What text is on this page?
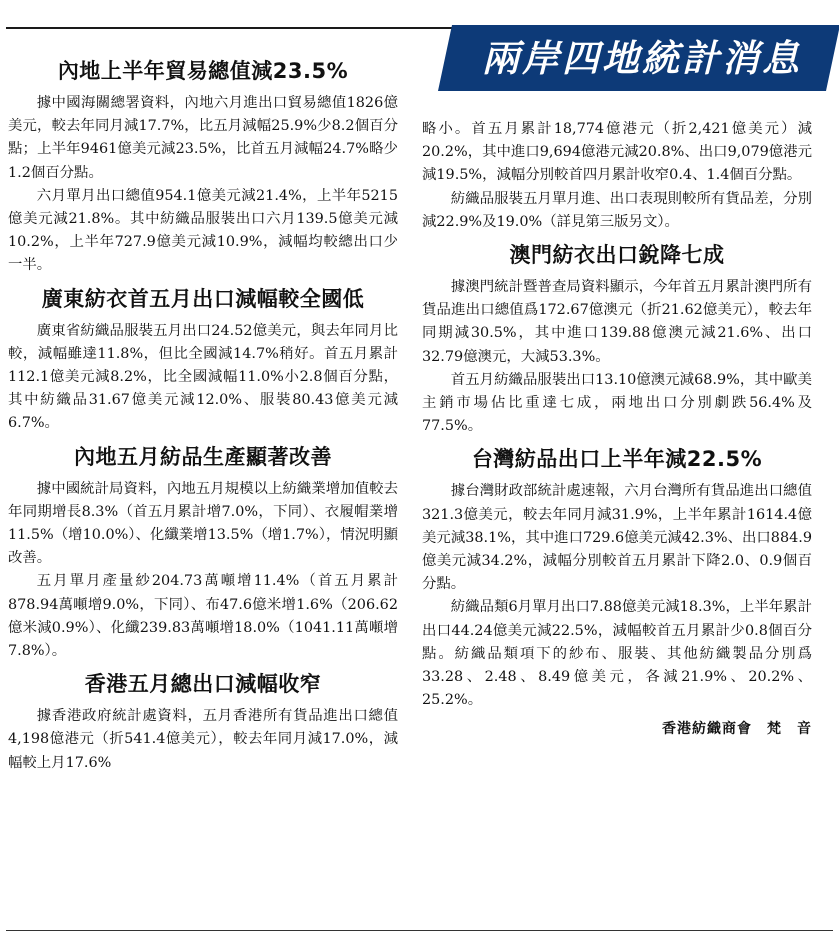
兩岸四地統計消息
內地上半年貿易總值減23.5%

據中國海關總署資料，內地六月進出口貿易總值1826億美元，較去年同月減17.7%，比五月減幅25.9%少8.2個百分點；上半年9461億美元減23.5%，比首五月減幅24.7%略少1.2個百分點。

六月單月出口總值954.1億美元減21.4%，上半年5215億美元減21.8%。其中紡織品服裝出口六月139.5億美元減10.2%，上半年727.9億美元減10.9%，減幅均較總出口少一半。

廣東紡衣首五月出口減幅較全國低

廣東省紡織品服裝五月出口24.52億美元，與去年同月比較，減幅雖達11.8%，但比全國減14.7%稍好。首五月累計112.1億美元減8.2%，比全國減幅11.0%小2.8個百分點，其中紡織品31.67億美元減12.0%、服裝80.43億美元減6.7%。

內地五月紡品生產顯著改善

據中國統計局資料，內地五月規模以上紡織業增加值較去年同期增長8.3%（首五月累計增7.0%，下同）、衣履帽業增11.5%（增10.0%）、化纖業增13.5%（增1.7%），情況明顯改善。

五月單月產量紗204.73萬噸增11.4%（首五月累計878.94萬噸增9.0%，下同）、布47.6億米增1.6%（206.62億米減0.9%）、化纖239.83萬噸增18.0%（1041.11萬噸增7.8%）。

香港五月總出口減幅收窄

據香港政府統計處資料，五月香港所有貨品進出口總值4,198億港元（折541.4億美元），較去年同月減17.0%，減幅較上月17.6%

略小。首五月累計18,774億港元（折2,421億美元）減20.2%，其中進口9,694億港元減20.8%、出口9,079億港元減19.5%，減幅分別較首四月累計收窄0.4、1.4個百分點。

紡織品服裝五月單月進、出口表現則較所有貨品差，分別減22.9%及19.0%（詳見第三版另文）。

澳門紡衣出口銳降七成

據澳門統計暨普查局資料顯示，今年首五月累計澳門所有貨品進出口總值爲172.67億澳元（折21.62億美元），較去年同期減30.5%，其中進口139.88億澳元減21.6%、出口32.79億澳元，大減53.3%。

首五月紡織品服裝出口13.10億澳元減68.9%，其中歐美主銷市場佔比重達七成，兩地出口分別劇跌56.4%及77.5%。

台灣紡品出口上半年減22.5%

據台灣財政部統計處速報，六月台灣所有貨品進出口總值321.3億美元，較去年同月減31.9%，上半年累計1614.4億美元減38.1%，其中進口729.6億美元減42.3%、出口884.9億美元減34.2%，減幅分別較首五月累計下降2.0、0.9個百分點。

紡織品類6月單月出口7.88億美元減18.3%，上半年累計出口44.24億美元減22.5%，減幅較首五月累計少0.8個百分點。紡織品類項下的紗布、服裝、其他紡織製品分別爲33.28、2.48、8.49億美元，各減21.9%、20.2%、25.2%。

香港紡織商會　梵　音
